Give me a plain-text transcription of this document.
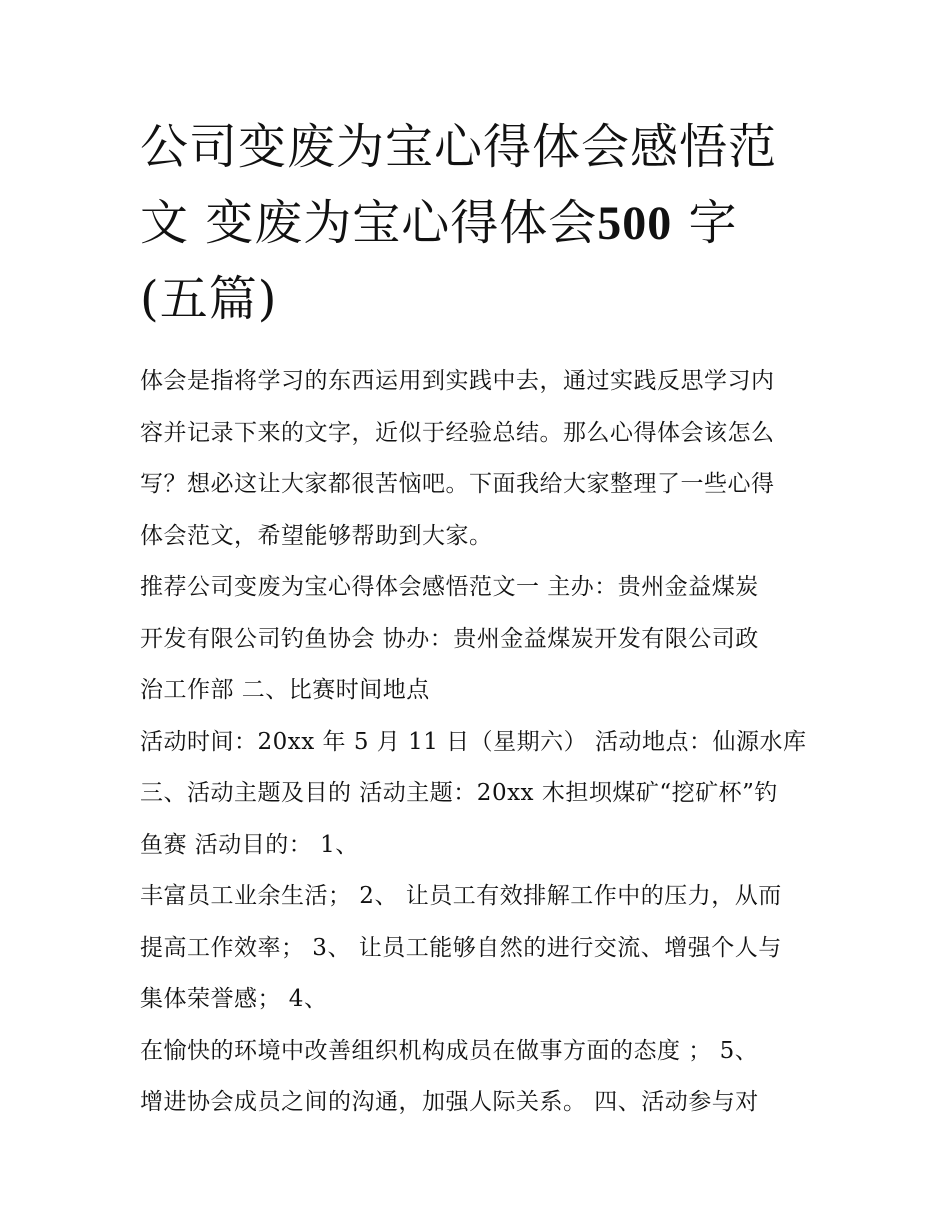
公司变废为宝心得体会感悟范
文 变废为宝心得体会500 字
(五篇)
体会是指将学习的东西运用到实践中去，通过实践反思学习内
容并记录下来的文字，近似于经验总结。那么心得体会该怎么
写？想必这让大家都很苦恼吧。下面我给大家整理了一些心得
体会范文，希望能够帮助到大家。
推荐公司变废为宝心得体会感悟范文一 主办：贵州金益煤炭
开发有限公司钓鱼协会 协办：贵州金益煤炭开发有限公司政
治工作部 二、比赛时间地点
活动时间：20xx 年 5 月 11 日（星期六） 活动地点：仙源水库
三、活动主题及目的 活动主题：20xx 木担坝煤矿“挖矿杯”钓
鱼赛 活动目的： 1、
丰富员工业余生活； 2、 让员工有效排解工作中的压力，从而
提高工作效率； 3、 让员工能够自然的进行交流、增强个人与
集体荣誉感； 4、
在愉快的环境中改善组织机构成员在做事方面的态度 ； 5、
增进协会成员之间的沟通，加强人际关系。 四、活动参与对
